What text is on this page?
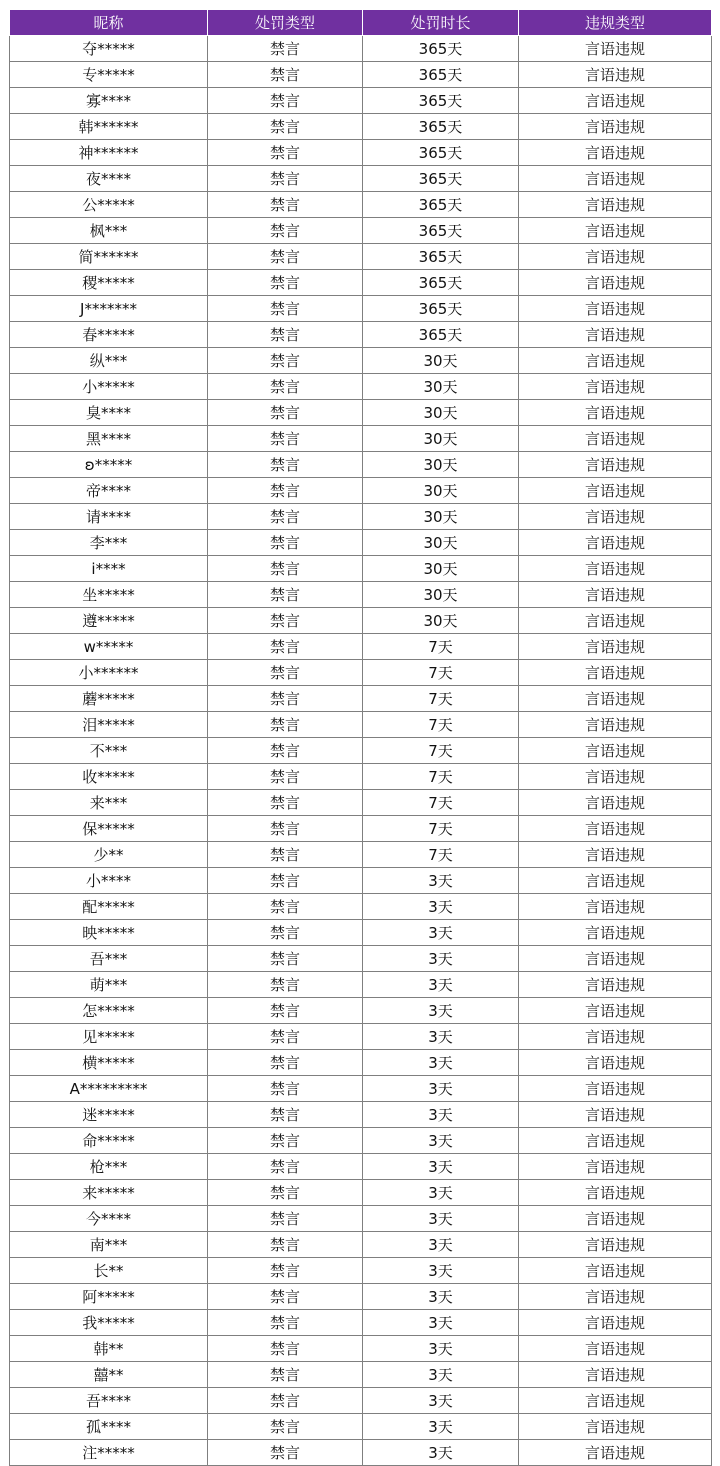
昵称	处罚类型	处罚时长	违规类型
夺*****	禁言	365天	言语违规
专*****	禁言	365天	言语违规
寡****	禁言	365天	言语违规
韩******	禁言	365天	言语违规
神******	禁言	365天	言语违规
夜****	禁言	365天	言语违规
公*****	禁言	365天	言语违规
枫***	禁言	365天	言语违规
简******	禁言	365天	言语违规
稷*****	禁言	365天	言语违规
J*******	禁言	365天	言语违规
春*****	禁言	365天	言语违规
纵***	禁言	30天	言语违规
小*****	禁言	30天	言语违规
臭****	禁言	30天	言语违规
黑****	禁言	30天	言语违规
ʚ*****	禁言	30天	言语违规
帝****	禁言	30天	言语违规
请****	禁言	30天	言语违规
李***	禁言	30天	言语违规
i****	禁言	30天	言语违规
坐*****	禁言	30天	言语违规
遵*****	禁言	30天	言语违规
w*****	禁言	7天	言语违规
小******	禁言	7天	言语违规
蘑*****	禁言	7天	言语违规
泪*****	禁言	7天	言语违规
不***	禁言	7天	言语违规
收*****	禁言	7天	言语违规
来***	禁言	7天	言语违规
保*****	禁言	7天	言语违规
少**	禁言	7天	言语违规
小****	禁言	3天	言语违规
配*****	禁言	3天	言语违规
映*****	禁言	3天	言语违规
吾***	禁言	3天	言语违规
萌***	禁言	3天	言语违规
怎*****	禁言	3天	言语违规
见*****	禁言	3天	言语违规
横*****	禁言	3天	言语违规
A*********	禁言	3天	言语违规
迷*****	禁言	3天	言语违规
命*****	禁言	3天	言语违规
枪***	禁言	3天	言语违规
来*****	禁言	3天	言语违规
今****	禁言	3天	言语违规
南***	禁言	3天	言语违规
长**	禁言	3天	言语违规
阿*****	禁言	3天	言语违规
我*****	禁言	3天	言语违规
韩**	禁言	3天	言语违规
囍**	禁言	3天	言语违规
吾****	禁言	3天	言语违规
孤****	禁言	3天	言语违规
注*****	禁言	3天	言语违规
